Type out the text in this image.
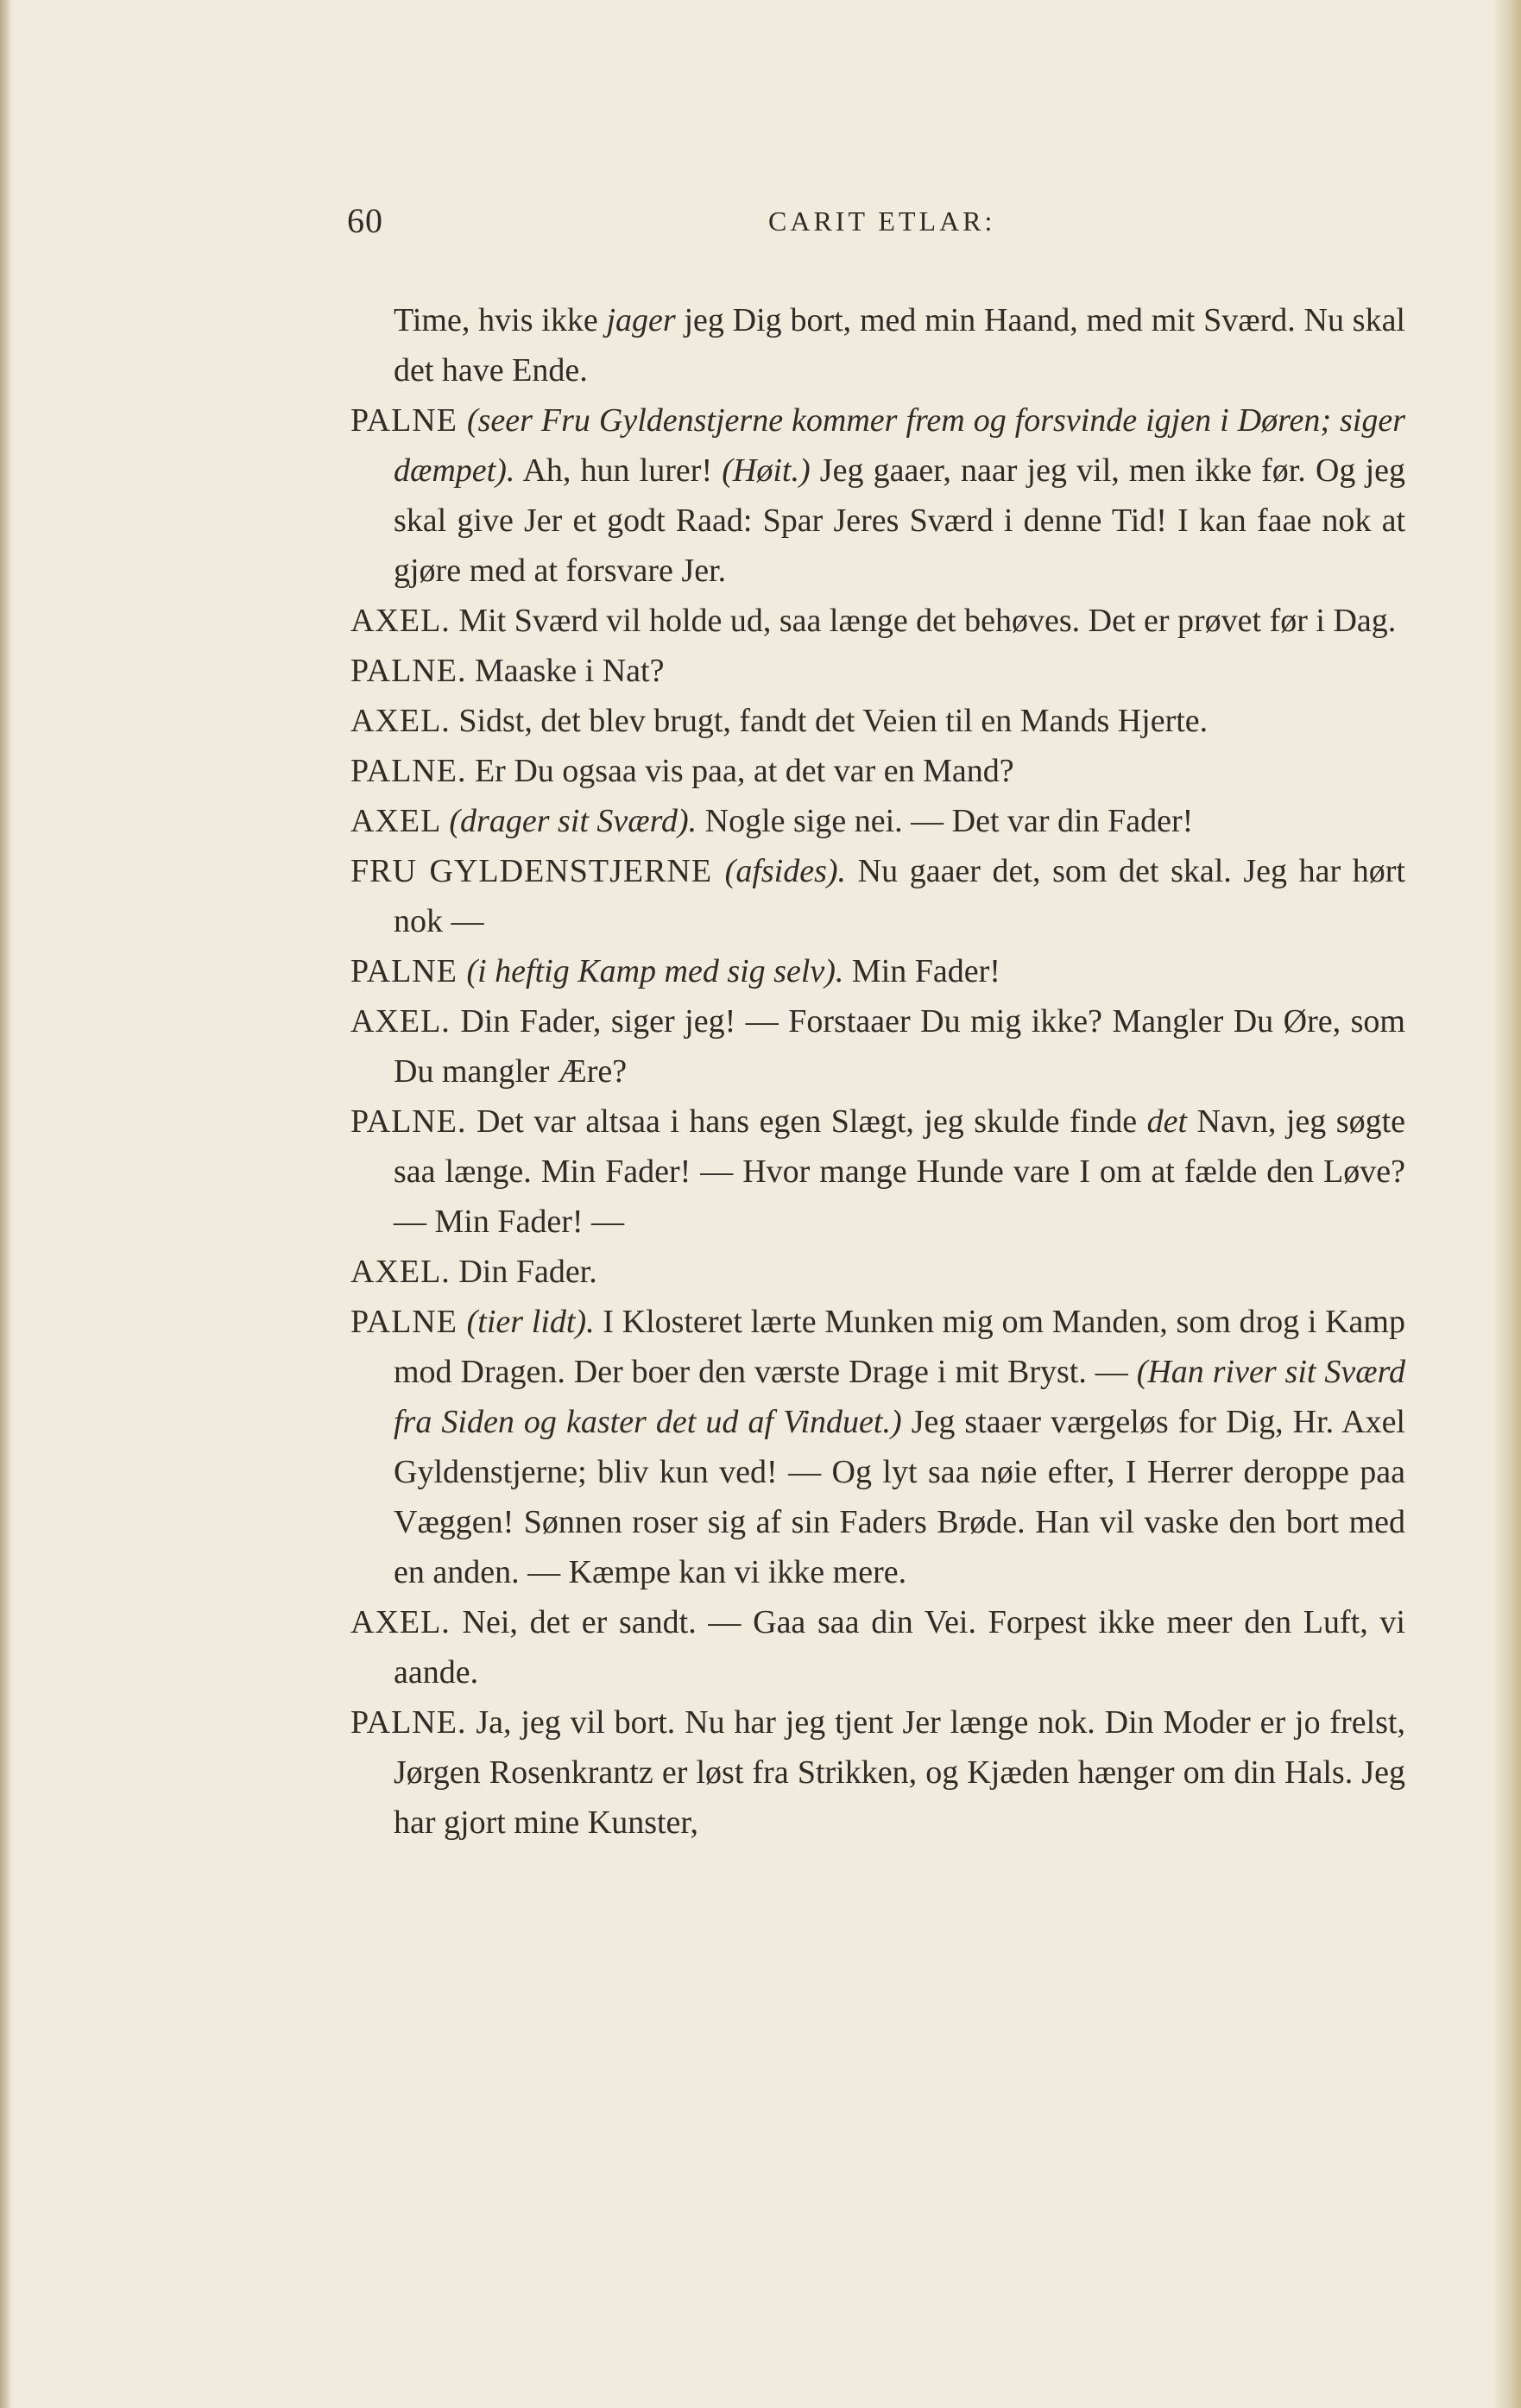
60	CARIT ETLAR:

Time, hvis ikke jager jeg Dig bort, med min Haand, med mit Sværd. Nu skal det have Ende.

PALNE (seer Fru Gyldenstjerne kommer frem og forsvinde igjen i Døren; siger dæmpet). Ah, hun lurer! (Høit.) Jeg gaaer, naar jeg vil, men ikke før. Og jeg skal give Jer et godt Raad: Spar Jeres Sværd i denne Tid! I kan faae nok at gjøre med at forsvare Jer.

AXEL. Mit Sværd vil holde ud, saa længe det behøves. Det er prøvet før i Dag.

PALNE. Maaske i Nat?

AXEL. Sidst, det blev brugt, fandt det Veien til en Mands Hjerte.

PALNE. Er Du ogsaa vis paa, at det var en Mand?

AXEL (drager sit Sværd). Nogle sige nei. — Det var din Fader!

FRU GYLDENSTJERNE (afsides). Nu gaaer det, som det skal. Jeg har hørt nok —

PALNE (i heftig Kamp med sig selv). Min Fader!

AXEL. Din Fader, siger jeg! — Forstaaer Du mig ikke? Mangler Du Øre, som Du mangler Ære?

PALNE. Det var altsaa i hans egen Slægt, jeg skulde finde det Navn, jeg søgte saa længe. Min Fader! — Hvor mange Hunde vare I om at fælde den Løve? — Min Fader! —

AXEL. Din Fader.

PALNE (tier lidt). I Klosteret lærte Munken mig om Manden, som drog i Kamp mod Dragen. Der boer den værste Drage i mit Bryst. — (Han river sit Sværd fra Siden og kaster det ud af Vinduet.) Jeg staaer værgeløs for Dig, Hr. Axel Gyldenstjerne; bliv kun ved! — Og lyt saa nøie efter, I Herrer deroppe paa Væggen! Sønnen roser sig af sin Faders Brøde. Han vil vaske den bort med en anden. — Kæmpe kan vi ikke mere.

AXEL. Nei, det er sandt. — Gaa saa din Vei. Forpest ikke meer den Luft, vi aande.

PALNE. Ja, jeg vil bort. Nu har jeg tjent Jer længe nok. Din Moder er jo frelst, Jørgen Rosenkrantz er løst fra Strikken, og Kjæden hænger om din Hals. Jeg har gjort mine Kunster,
